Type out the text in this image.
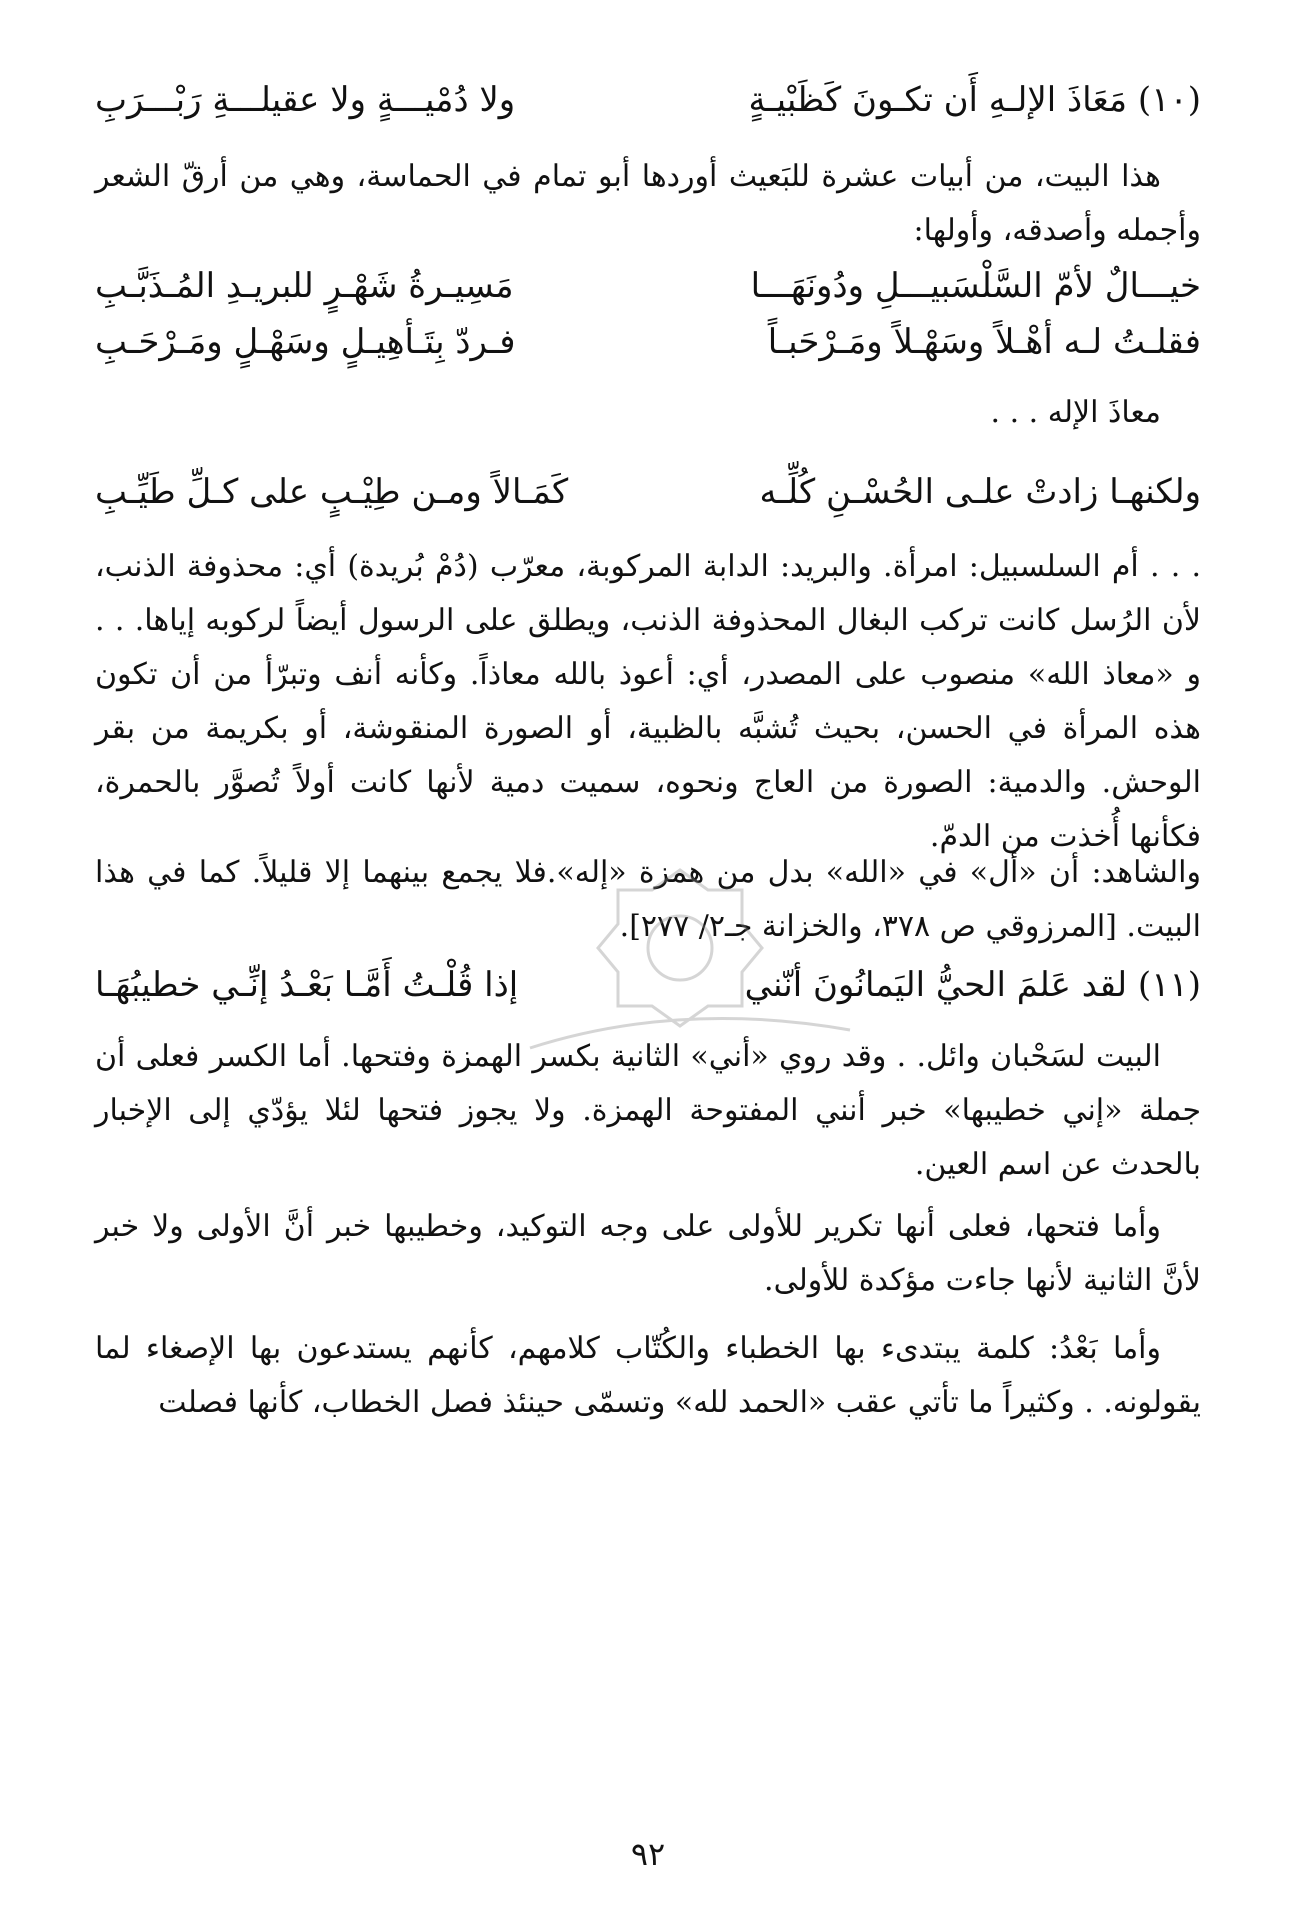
(١٠) مَعَاذَ الإلـهِ أَن تكـونَ كَظَبْيـةٍ
ولا دُمْيـــةٍ ولا عقيلـــةِ رَبْـــرَبِ
هذا البيت، من أبيات عشرة للبَعيث أوردها أبو تمام في الحماسة، وهي من أرقّ الشعر وأجمله وأصدقه، وأولها:
خيـــالٌ لأمّ السَّلْسَبيـــلِ ودُونَهَـــا
مَسِيـرةُ شَهْـرٍ للبريـدِ المُـذَبَّـبِ
فقلـتُ لـه أهْـلاً وسَهْـلاً ومَـرْحَبـاً
فـردّ بِتَـأهِيـلٍ وسَهْـلٍ ومَـرْحَـبِ
معاذَ الإله . . .
ولكنهـا زادتْ علـى الحُسْـنِ كُلِّـه
كَمَـالاً ومـن طِيْـبٍ على كـلِّ طَيِّـبِ
. . . أم السلسبيل: امرأة. والبريد: الدابة المركوبة، معرّب (دُمْ بُريدة) أي: محذوفة الذنب، لأن الرُسل كانت تركب البغال المحذوفة الذنب، ويطلق على الرسول أيضاً لركوبه إياها. . . و «معاذ الله» منصوب على المصدر، أي: أعوذ بالله معاذاً. وكأنه أنف وتبرّأ من أن تكون هذه المرأة في الحسن، بحيث تُشبَّه بالظبية، أو الصورة المنقوشة، أو بكريمة من بقر الوحش. والدمية: الصورة من العاج ونحوه، سميت دمية لأنها كانت أولاً تُصوَّر بالحمرة، فكأنها أُخذت من الدمّ.
والشاهد: أن «أل» في «الله» بدل من همزة «إله».فلا يجمع بينهما إلا قليلاً. كما في هذا البيت. [المرزوقي ص ٣٧٨، والخزانة جـ٢/ ٢٧٧].
(١١) لقد عَلمَ الحيُّ اليَمانُونَ أنّني
إذا قُلْـتُ أَمَّـا بَعْـدُ إنِّـي خطيبُهَـا
البيت لسَحْبان وائل. . وقد روي «أني» الثانية بكسر الهمزة وفتحها. أما الكسر فعلى أن جملة «إني خطيبها» خبر أنني المفتوحة الهمزة. ولا يجوز فتحها لئلا يؤدّي إلى الإخبار بالحدث عن اسم العين.
وأما فتحها، فعلى أنها تكرير للأولى على وجه التوكيد، وخطيبها خبر أنَّ الأولى ولا خبر لأنَّ الثانية لأنها جاءت مؤكدة للأولى.
وأما بَعْدُ: كلمة يبتدىء بها الخطباء والكُتّاب كلامهم، كأنهم يستدعون بها الإصغاء لما يقولونه. . وكثيراً ما تأتي عقب «الحمد لله» وتسمّى حينئذ فصل الخطاب، كأنها فصلت
٩٢
